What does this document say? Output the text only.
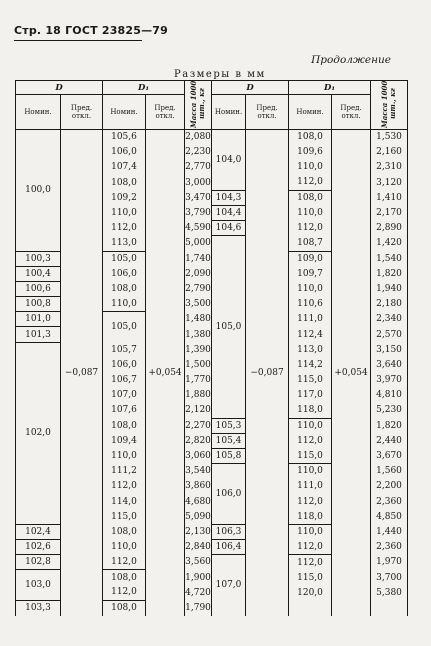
Стр. 18 ГОСТ 23825—79
Продолжение
Размеры в мм
D		D₁		Масса 1000 шт., кг	D		D₁		Масса 1000 шт., кг
Номин.	Пред. откл.	Номин.	Пред. откл.		Номин.	Пред. откл.	Номин.	Пред. откл.	
100,0	−0,087	105,6	+0,054	2,080	104,0	−0,087	108,0	+0,054	1,530
		106,0		2,230			109,6		2,160
		107,4		2,770			110,0		2,310
		108,0		3,000			112,0		3,120
		109,2		3,470	104,3		108,0		1,410
		110,0		3,790	104,4		110,0		2,170
		112,0		4,590	104,6		112,0		2,890
		113,0		5,000	105,0		108,7		1,420
100,3		105,0		1,740			109,0		1,540
100,4		106,0		2,090			109,7		1,820
100,6		108,0		2,790			110,0		1,940
100,8		110,0		3,500			110,6		2,180
101,0		105,0		1,480			111,0		2,340
101,3				1,380			112,4		2,570
102,0		105,7		1,390			113,0		3,150
		106,0		1,500			114,2		3,640
		106,7		1,770			115,0		3,970
		107,0		1,880			117,0		4,810
		107,6		2,120			118,0		5,230
		108,0		2,270	105,3		110,0		1,820
		109,4		2,820	105,4		112,0		2,440
		110,0		3,060	105,8		115,0		3,670
		111,2		3,540	106,0		110,0		1,560
		112,0		3,860			111,0		2,200
		114,0		4,680			112,0		2,360
		115,0		5,090			118,0		4,850
102,4		108,0		2,130	106,3		110,0		1,440
102,6		110,0		2,840	106,4		112,0		2,360
102,8		112,0		3,560	107,0		112,0		1,970
103,0		108,0		1,900			115,0		3,700
		112,0		4,720			120,0		5,380
103,3		108,0		1,790					
